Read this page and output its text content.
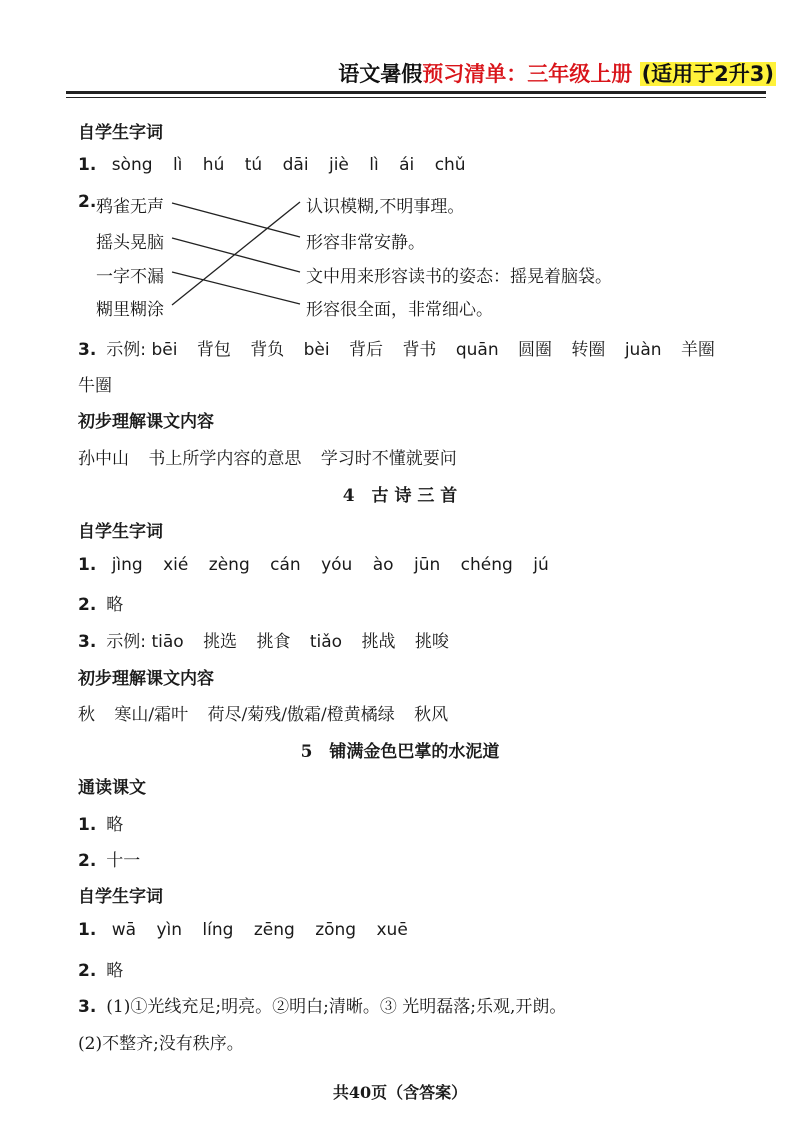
语文暑假预习清单：三年级上册 (适用于2升3)
自学生字词
1. sòng lì hú tú dāi jiè lì ái chǔ
2. 鸦雀无声
摇头晃脑
一字不漏
糊里糊涂
认识模糊,不明事理。
形容非常安静。
文中用来形容读书的姿态：摇晃着脑袋。
形容很全面，非常细心。
3. 示例: bēi 背包 背负 bèi 背后 背书 quān 圆圈 转圈 juàn 羊圈
牛圈
初步理解课文内容
孙中山 书上所学内容的意思 学习时不懂就要问
4　古 诗 三 首
自学生字词
1. jìng xié zèng cán yóu ào jūn chéng jú
2. 略
3. 示例: tiāo 挑选 挑食 tiǎo 挑战 挑唆
初步理解课文内容
秋 寒山/霜叶 荷尽/菊残/傲霜/橙黄橘绿 秋风
5　铺满金色巴掌的水泥道
通读课文
1. 略
2. 十一
自学生字词
1. wā yìn líng zēng zōng xuē
2. 略
3. (1)①光线充足;明亮。②明白;清晰。③ 光明磊落;乐观,开朗。
(2)不整齐;没有秩序。
共40页（含答案）
